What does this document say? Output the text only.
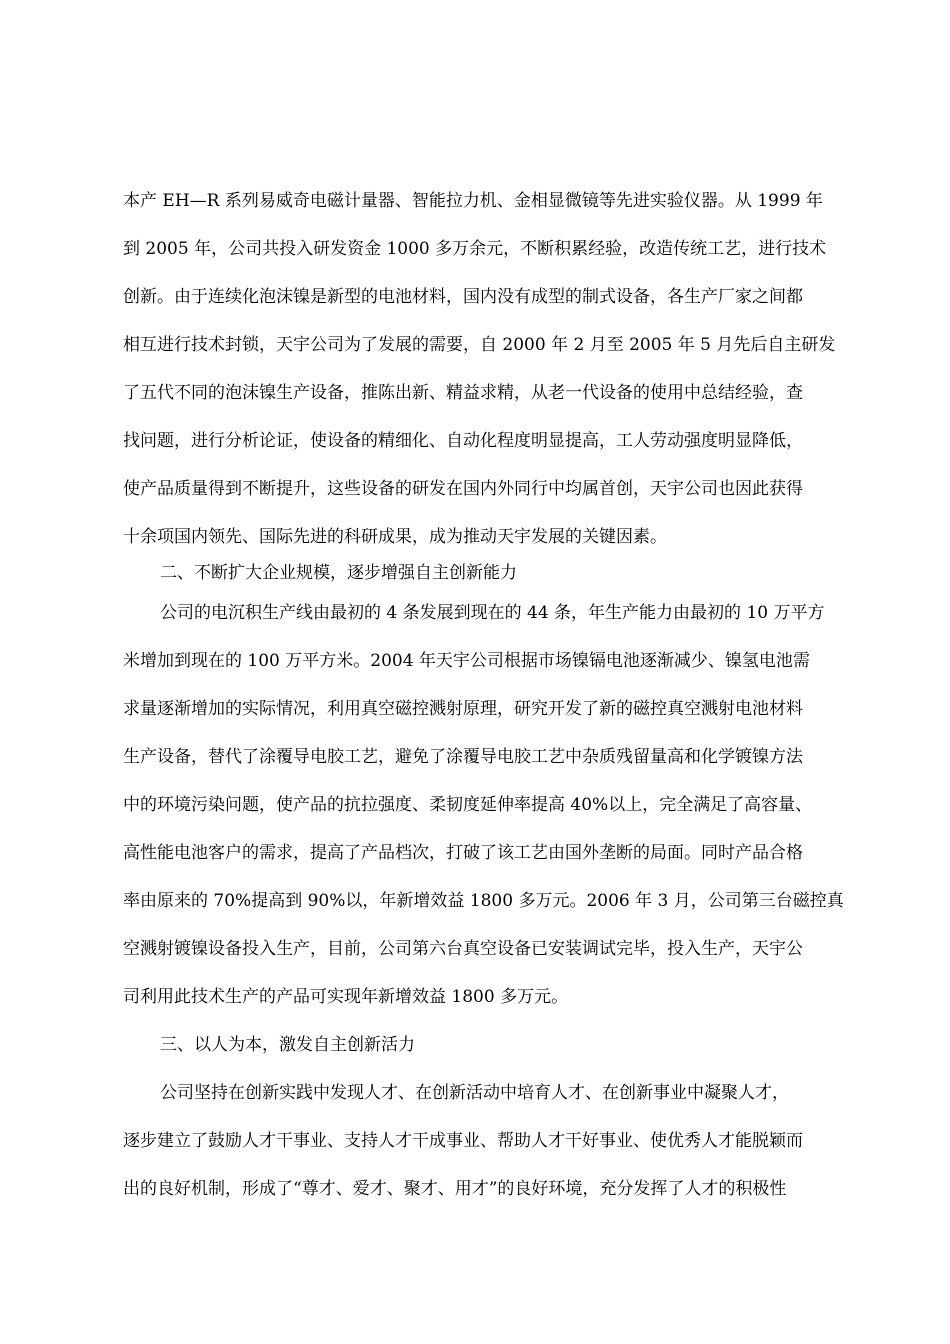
本产 EH—R 系列易威奇电磁计量器、智能拉力机、金相显微镜等先进实验仪器。从 1999 年
到 2005 年，公司共投入研发资金 1000 多万余元，不断积累经验，改造传统工艺，进行技术
创新。由于连续化泡沫镍是新型的电池材料，国内没有成型的制式设备，各生产厂家之间都
相互进行技术封锁，天宇公司为了发展的需要，自 2000 年 2 月至 2005 年 5 月先后自主研发
了五代不同的泡沫镍生产设备，推陈出新、精益求精，从老一代设备的使用中总结经验，查
找问题，进行分析论证，使设备的精细化、自动化程度明显提高，工人劳动强度明显降低，
使产品质量得到不断提升，这些设备的研发在国内外同行中均属首创，天宇公司也因此获得
十余项国内领先、国际先进的科研成果，成为推动天宇发展的关键因素。
二、不断扩大企业规模，逐步增强自主创新能力
公司的电沉积生产线由最初的 4 条发展到现在的 44 条，年生产能力由最初的 10 万平方
米增加到现在的 100 万平方米。2004 年天宇公司根据市场镍镉电池逐渐减少、镍氢电池需
求量逐渐增加的实际情况，利用真空磁控溅射原理，研究开发了新的磁控真空溅射电池材料
生产设备，替代了涂覆导电胶工艺，避免了涂覆导电胶工艺中杂质残留量高和化学镀镍方法
中的环境污染问题，使产品的抗拉强度、柔韧度延伸率提高 40%以上，完全满足了高容量、
高性能电池客户的需求，提高了产品档次，打破了该工艺由国外垄断的局面。同时产品合格
率由原来的 70%提高到 90%以，年新增效益 1800 多万元。2006 年 3 月，公司第三台磁控真
空溅射镀镍设备投入生产，目前，公司第六台真空设备已安装调试完毕，投入生产，天宇公
司利用此技术生产的产品可实现年新增效益 1800 多万元。
三、以人为本，激发自主创新活力
公司坚持在创新实践中发现人才、在创新活动中培育人才、在创新事业中凝聚人才，
逐步建立了鼓励人才干事业、支持人才干成事业、帮助人才干好事业、使优秀人才能脱颖而
出的良好机制，形成了“尊才、爱才、聚才、用才”的良好环境，充分发挥了人才的积极性
